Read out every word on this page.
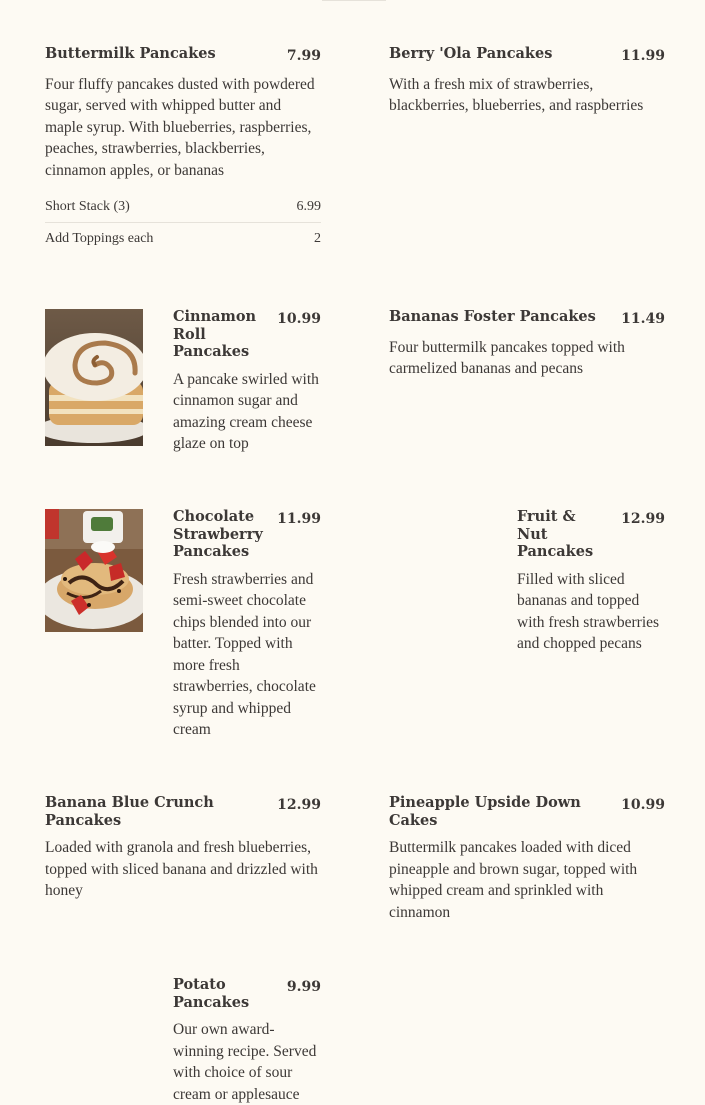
Buttermilk Pancakes	7.99

Four fluffy pancakes dusted with powdered sugar, served with whipped butter and maple syrup. With blueberries, raspberries, peaches, strawberries, blackberries, cinnamon apples, or bananas

Short Stack (3)	6.99
Add Toppings each	2
Berry 'Ola Pancakes	11.99

With a fresh mix of strawberries, blackberries, blueberries, and raspberries

Cinnamon Roll Pancakes
10.99

A pancake swirled with cinnamon sugar and amazing cream cheese glaze on top

Bananas Foster Pancakes	11.49

Four buttermilk pancakes topped with carmelized bananas and pecans

Chocolate Strawberry Pancakes
11.99

Fresh strawberries and semi-sweet chocolate chips blended into our batter. Topped with more fresh strawberries, chocolate syrup and whipped cream

Fruit & Nut Pancakes
12.99

Filled with sliced bananas and topped with fresh strawberries and chopped pecans

Banana Blue Crunch Pancakes
12.99

Loaded with granola and fresh blueberries, topped with sliced banana and drizzled with honey

Pineapple Upside Down Cakes
10.99

Buttermilk pancakes loaded with diced pineapple and brown sugar, topped with whipped cream and sprinkled with cinnamon

Potato Pancakes
9.99

Our own award-winning recipe. Served with choice of sour cream or applesauce
